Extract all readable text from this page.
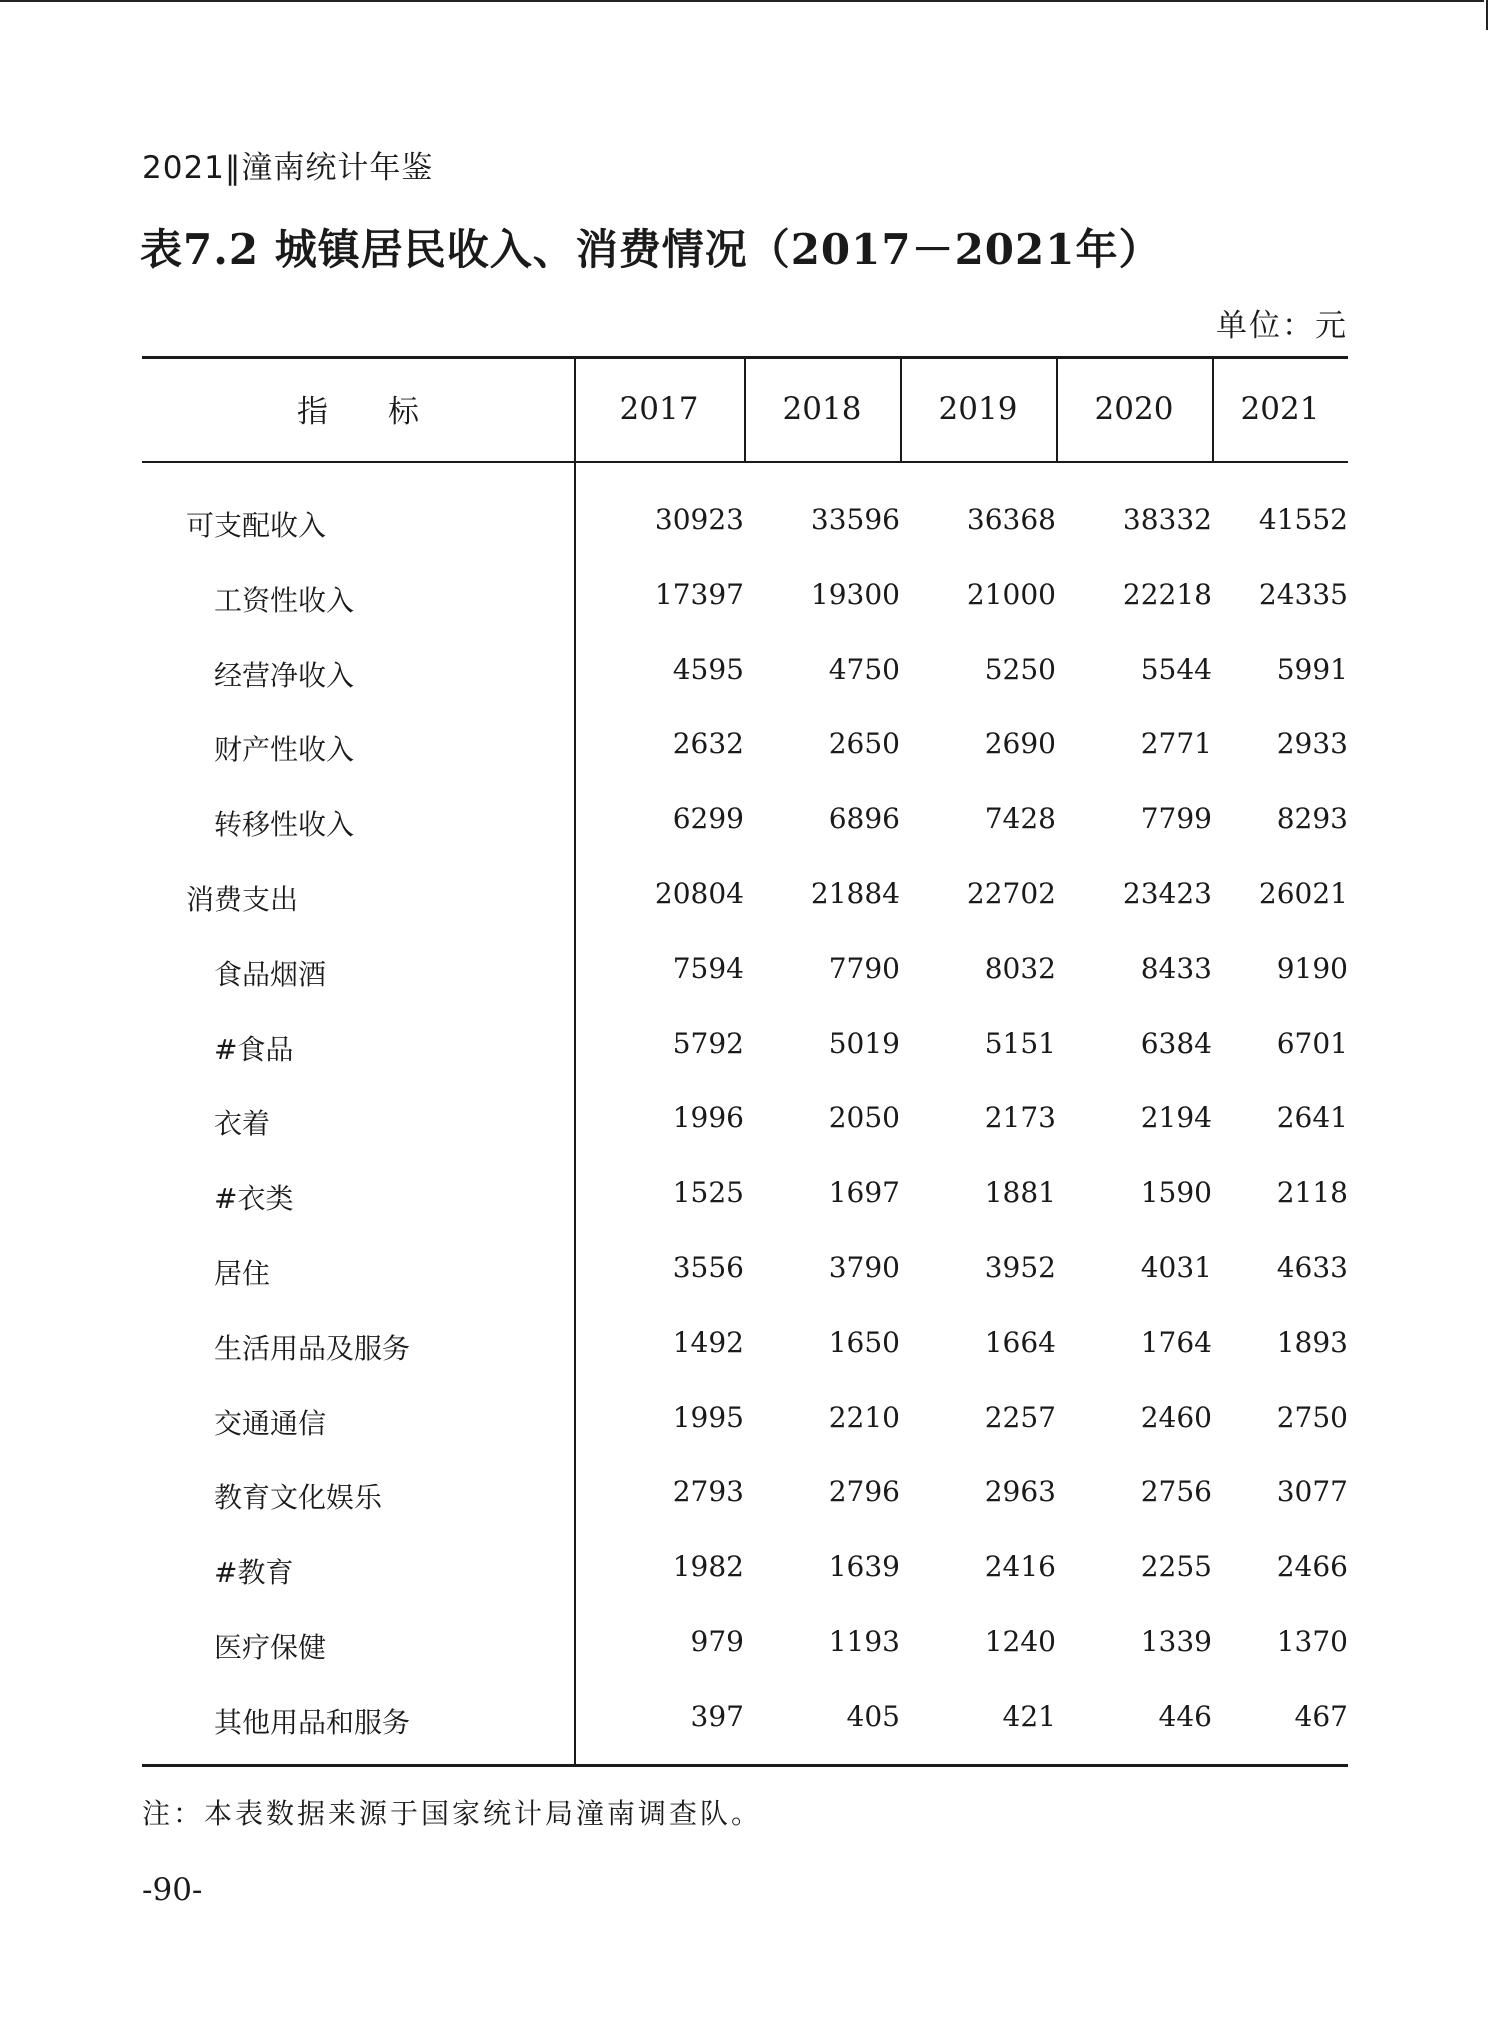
2021‖潼南统计年鉴
表7.2 城镇居民收入、消费情况（2017－2021年）
单位：元
指标	2017	2018	2019	2020	2021
可支配收入	30923	33596	36368	38332	41552
工资性收入	17397	19300	21000	22218	24335
经营净收入	4595	4750	5250	5544	5991
财产性收入	2632	2650	2690	2771	2933
转移性收入	6299	6896	7428	7799	8293
消费支出	20804	21884	22702	23423	26021
食品烟酒	7594	7790	8032	8433	9190
#食品	5792	5019	5151	6384	6701
衣着	1996	2050	2173	2194	2641
#衣类	1525	1697	1881	1590	2118
居住	3556	3790	3952	4031	4633
生活用品及服务	1492	1650	1664	1764	1893
交通通信	1995	2210	2257	2460	2750
教育文化娱乐	2793	2796	2963	2756	3077
#教育	1982	1639	2416	2255	2466
医疗保健	979	1193	1240	1339	1370
其他用品和服务	397	405	421	446	467
注：本表数据来源于国家统计局潼南调查队。
-90-
